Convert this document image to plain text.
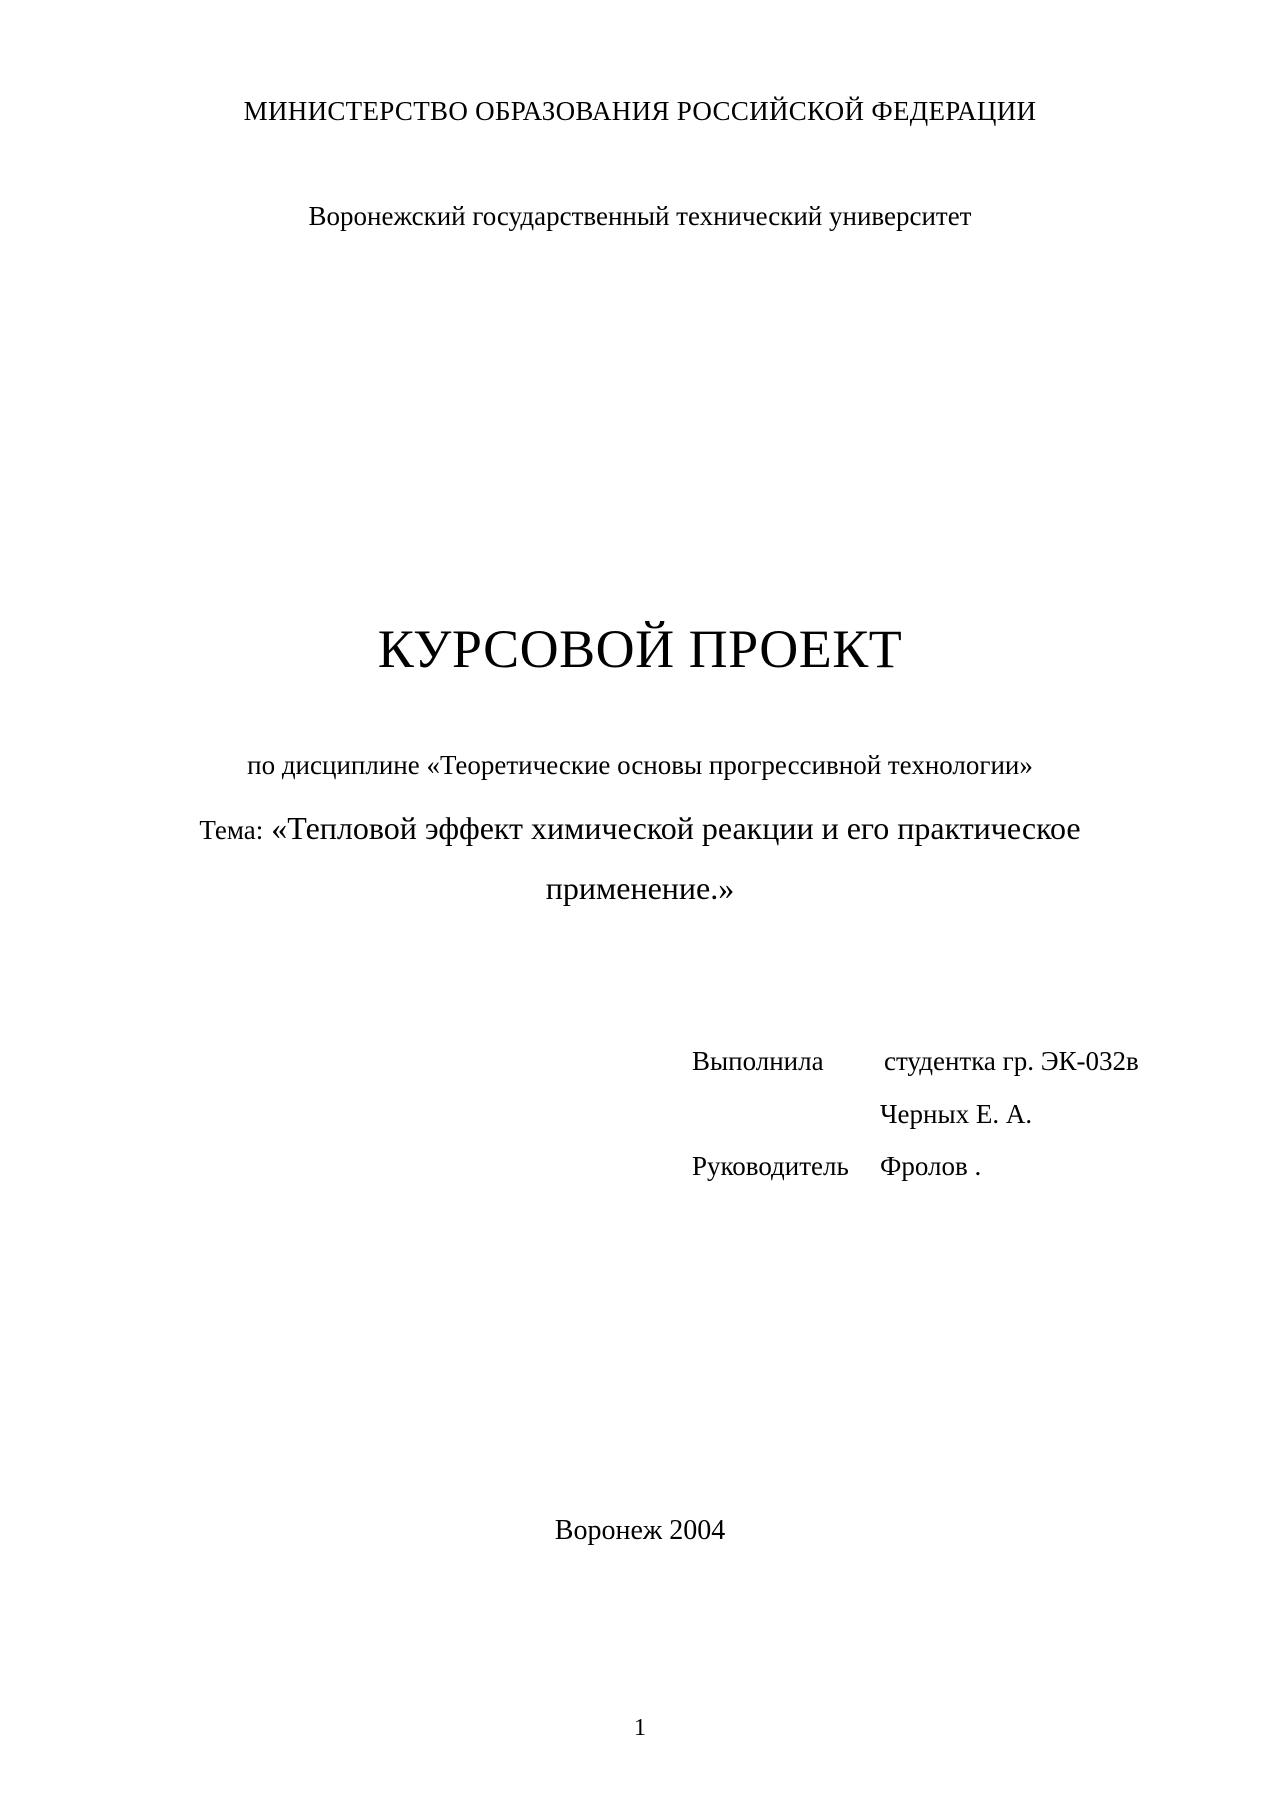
МИНИСТЕРСТВО ОБРАЗОВАНИЯ РОССИЙСКОЙ ФЕДЕРАЦИИ
Воронежский государственный технический университет
КУРСОВОЙ ПРОЕКТ
по дисциплине «Теоретические основы прогрессивной технологии»
Тема: «Тепловой эффект химической реакции и его практическое
применение.»
Выполнила студентка гр. ЭК-032в
Черных Е. А.
Руководитель Фролов .
Воронеж 2004
1
